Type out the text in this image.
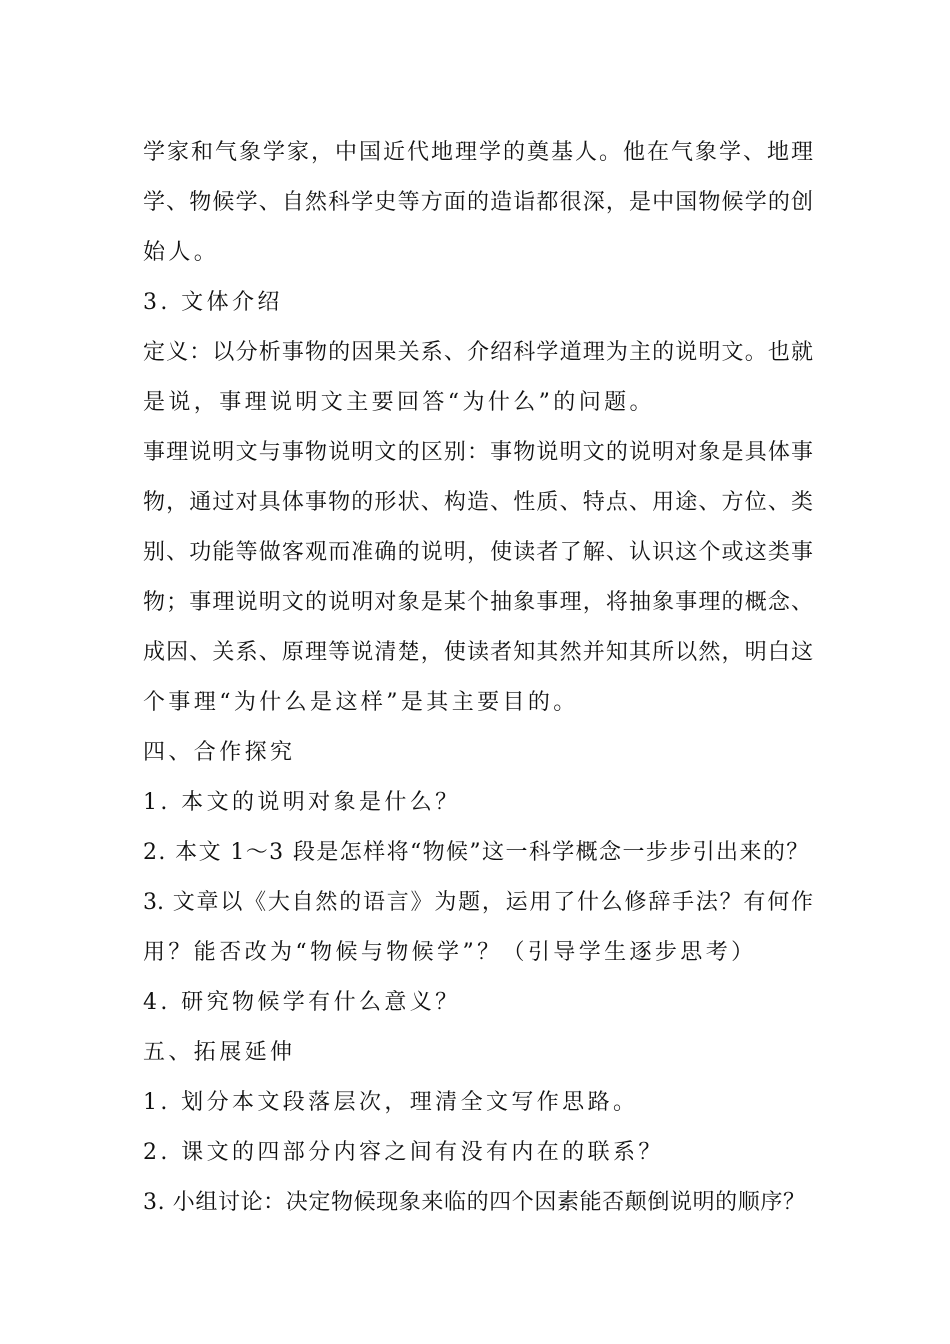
学家和气象学家，中国近代地理学的奠基人。他在气象学、地理
学、物候学、自然科学史等方面的造诣都很深，是中国物候学的创
始人。
3. 文体介绍
定义：以分析事物的因果关系、介绍科学道理为主的说明文。也就
是说，事理说明文主要回答“为什么”的问题。
事理说明文与事物说明文的区别：事物说明文的说明对象是具体事
物，通过对具体事物的形状、构造、性质、特点、用途、方位、类
别、功能等做客观而准确的说明，使读者了解、认识这个或这类事
物；事理说明文的说明对象是某个抽象事理，将抽象事理的概念、
成因、关系、原理等说清楚，使读者知其然并知其所以然，明白这
个事理“为什么是这样”是其主要目的。
四、合作探究
1. 本文的说明对象是什么？
2. 本文 1～3 段是怎样将“物候”这一科学概念一步步引出来的？
3. 文章以《大自然的语言》为题，运用了什么修辞手法？有何作
用？能否改为“物候与物候学”？（引导学生逐步思考）
4. 研究物候学有什么意义？
五、拓展延伸
1. 划分本文段落层次，理清全文写作思路。
2. 课文的四部分内容之间有没有内在的联系？
3. 小组讨论：决定物候现象来临的四个因素能否颠倒说明的顺序？
